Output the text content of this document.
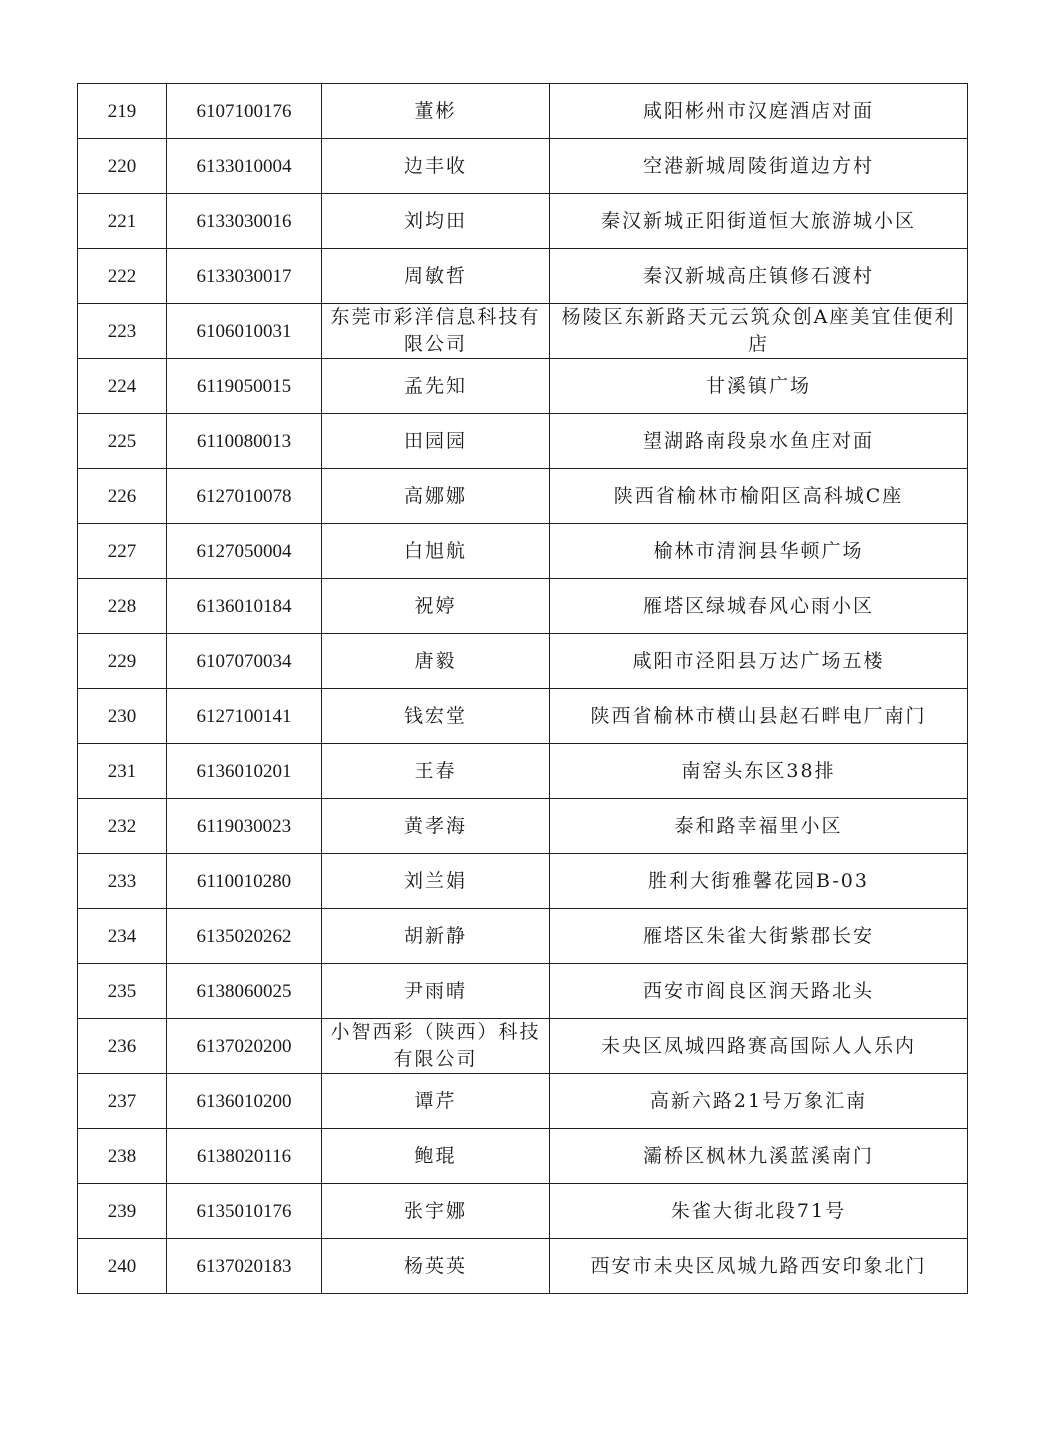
219	6107100176	董彬	咸阳彬州市汉庭酒店对面
220	6133010004	边丰收	空港新城周陵街道边方村
221	6133030016	刘均田	秦汉新城正阳街道恒大旅游城小区
222	6133030017	周敏哲	秦汉新城高庄镇修石渡村
223	6106010031	东莞市彩洋信息科技有限公司	杨陵区东新路天元云筑众创A座美宜佳便利店
224	6119050015	孟先知	甘溪镇广场
225	6110080013	田园园	望湖路南段泉水鱼庄对面
226	6127010078	高娜娜	陕西省榆林市榆阳区高科城C座
227	6127050004	白旭航	榆林市清涧县华顿广场
228	6136010184	祝婷	雁塔区绿城春风心雨小区
229	6107070034	唐毅	咸阳市泾阳县万达广场五楼
230	6127100141	钱宏堂	陕西省榆林市横山县赵石畔电厂南门
231	6136010201	王春	南窑头东区38排
232	6119030023	黄孝海	泰和路幸福里小区
233	6110010280	刘兰娟	胜利大街雅馨花园B-03
234	6135020262	胡新静	雁塔区朱雀大街紫郡长安
235	6138060025	尹雨晴	西安市阎良区润天路北头
236	6137020200	小智西彩（陕西）科技有限公司	未央区凤城四路赛高国际人人乐内
237	6136010200	谭芹	高新六路21号万象汇南
238	6138020116	鲍琨	灞桥区枫林九溪蓝溪南门
239	6135010176	张宇娜	朱雀大街北段71号
240	6137020183	杨英英	西安市未央区凤城九路西安印象北门
